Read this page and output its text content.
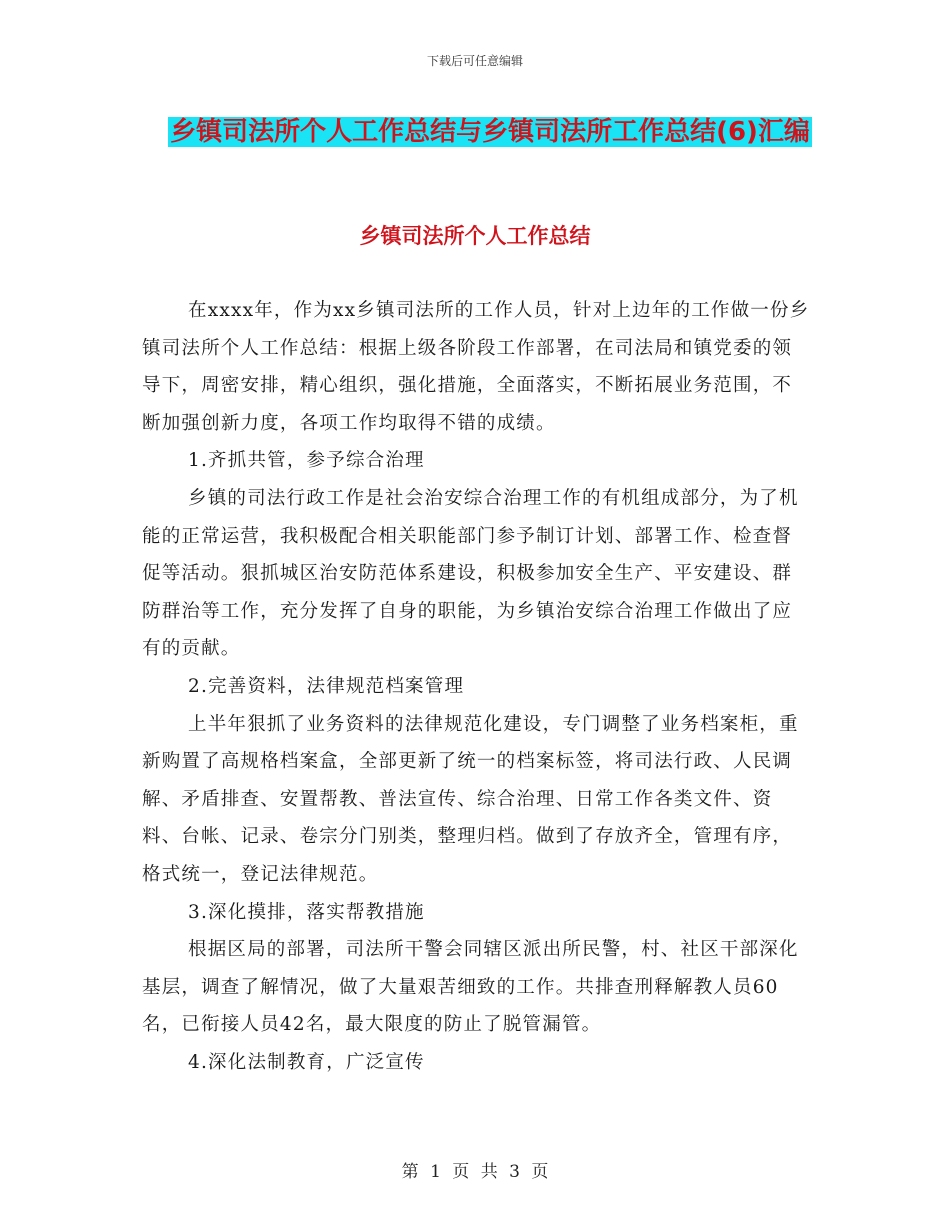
下载后可任意编辑
乡镇司法所个人工作总结与乡镇司法所工作总结(6)汇编
乡镇司法所个人工作总结

在xxxx年，作为xx乡镇司法所的工作人员，针对上边年的工作做一份乡镇司法所个人工作总结：根据上级各阶段工作部署，在司法局和镇党委的领导下，周密安排，精心组织，强化措施，全面落实，不断拓展业务范围，不断加强创新力度，各项工作均取得不错的成绩。

1.齐抓共管，参予综合治理

乡镇的司法行政工作是社会治安综合治理工作的有机组成部分，为了机能的正常运营，我积极配合相关职能部门参予制订计划、部署工作、检查督促等活动。狠抓城区治安防范体系建设，积极参加安全生产、平安建设、群防群治等工作，充分发挥了自身的职能，为乡镇治安综合治理工作做出了应有的贡献。

2.完善资料，法律规范档案管理

上半年狠抓了业务资料的法律规范化建设，专门调整了业务档案柜，重新购置了高规格档案盒，全部更新了统一的档案标签，将司法行政、人民调解、矛盾排查、安置帮教、普法宣传、综合治理、日常工作各类文件、资料、台帐、记录、卷宗分门别类，整理归档。做到了存放齐全，管理有序，格式统一，登记法律规范。

3.深化摸排，落实帮教措施

根据区局的部署，司法所干警会同辖区派出所民警，村、社区干部深化基层，调查了解情况，做了大量艰苦细致的工作。共排查刑释解教人员60名，已衔接人员42名，最大限度的防止了脱管漏管。

4.深化法制教育，广泛宣传

第 1 页 共 3 页
